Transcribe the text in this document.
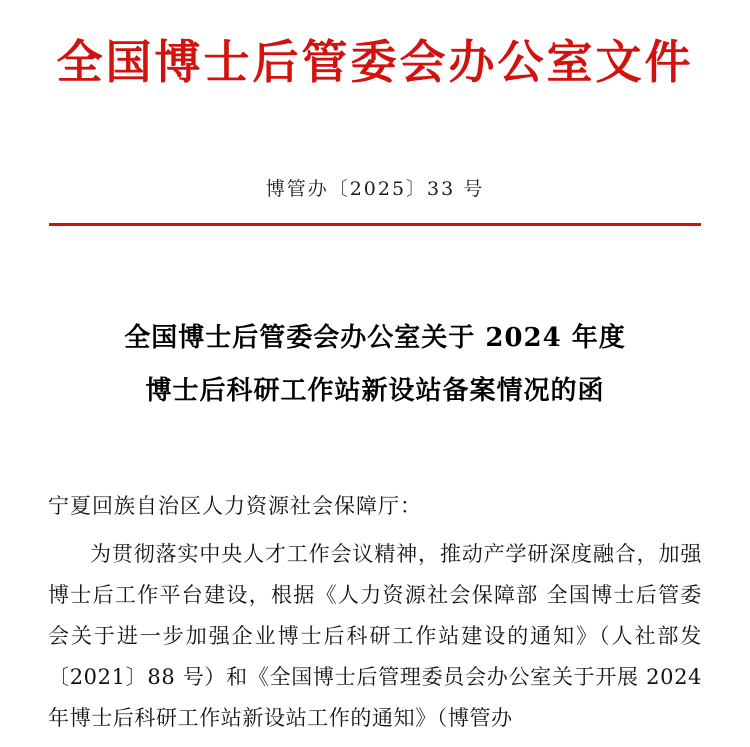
全国博士后管委会办公室文件
博管办〔2025〕33 号
全国博士后管委会办公室关于 2024 年度
博士后科研工作站新设站备案情况的函
宁夏回族自治区人力资源社会保障厅：

为贯彻落实中央人才工作会议精神，推动产学研深度融合，加强博士后工作平台建设，根据《人力资源社会保障部 全国博士后管委会关于进一步加强企业博士后科研工作站建设的通知》（人社部发〔2021〕88 号）和《全国博士后管理委员会办公室关于开展 2024 年博士后科研工作站新设站工作的通知》（博管办
